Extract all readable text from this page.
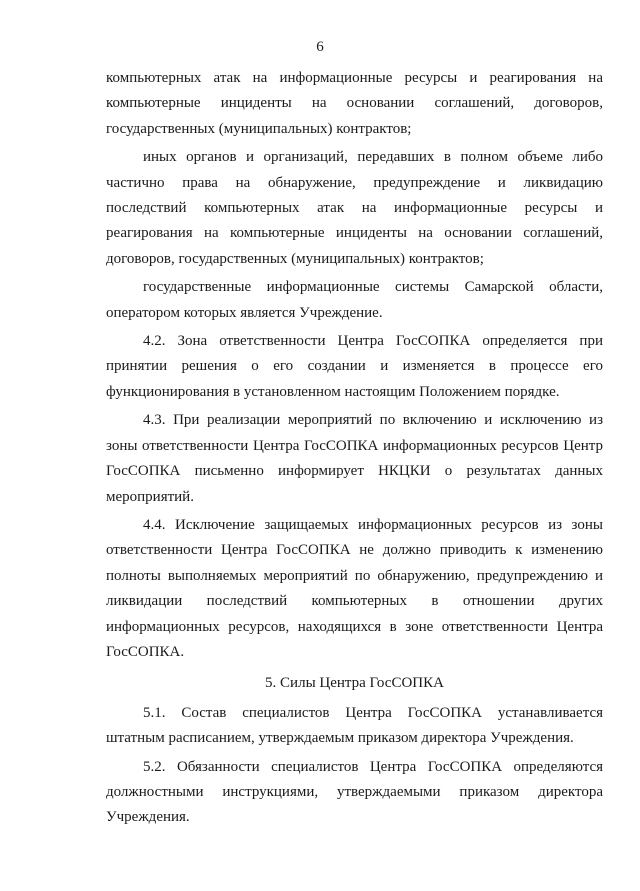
6

компьютерных атак на информационные ресурсы и реагирования на компьютерные инциденты на основании соглашений, договоров, государственных (муниципальных) контрактов;

иных органов и организаций, передавших в полном объеме либо частично права на обнаружение, предупреждение и ликвидацию последствий компьютерных атак на информационные ресурсы и реагирования на компьютерные инциденты на основании соглашений, договоров, государственных (муниципальных) контрактов;

государственные информационные системы Самарской области, оператором которых является Учреждение.

4.2. Зона ответственности Центра ГосСОПКА определяется при принятии решения о его создании и изменяется в процессе его функционирования в установленном настоящим Положением порядке.

4.3. При реализации мероприятий по включению и исключению из зоны ответственности Центра ГосСОПКА информационных ресурсов Центр ГосСОПКА письменно информирует НКЦКИ о результатах данных мероприятий.

4.4. Исключение защищаемых информационных ресурсов из зоны ответственности Центра ГосСОПКА не должно приводить к изменению полноты выполняемых мероприятий по обнаружению, предупреждению и ликвидации последствий компьютерных в отношении других информационных ресурсов, находящихся в зоне ответственности Центра ГосСОПКА.

5. Силы Центра ГосСОПКА

5.1. Состав специалистов Центра ГосСОПКА устанавливается штатным расписанием, утверждаемым приказом директора Учреждения.

5.2. Обязанности специалистов Центра ГосСОПКА определяются должностными инструкциями, утверждаемыми приказом директора Учреждения.
